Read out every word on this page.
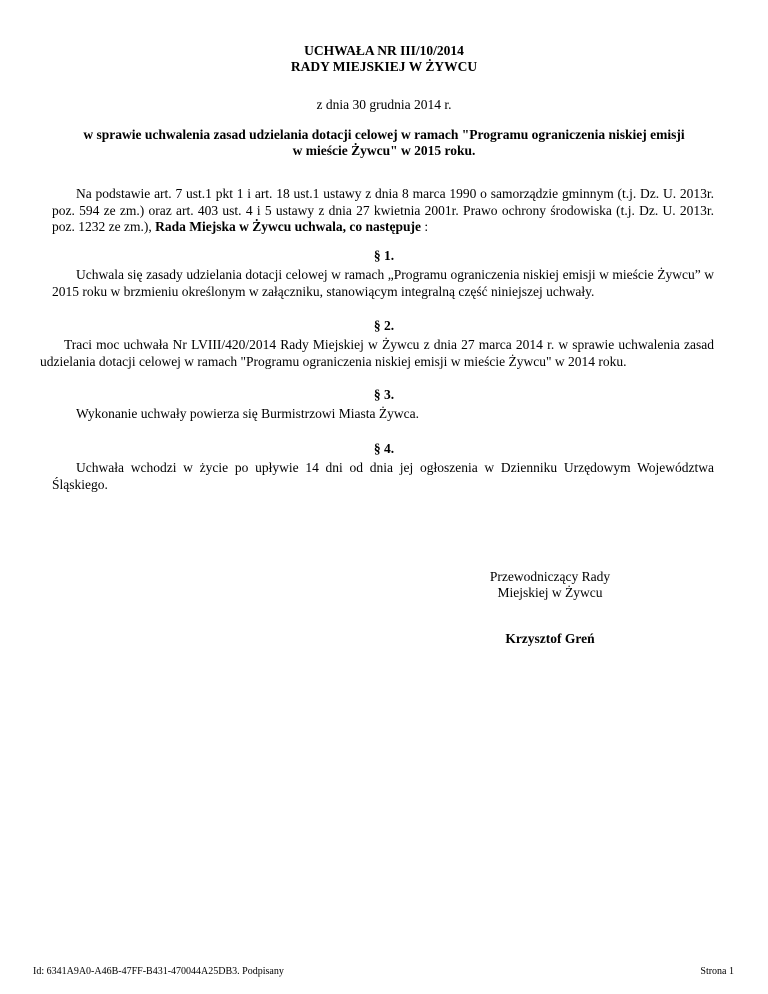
UCHWAŁA NR III/10/2014
RADY MIEJSKIEJ W ŻYWCU
z dnia 30 grudnia 2014 r.
w sprawie uchwalenia zasad udzielania dotacji celowej w ramach "Programu ograniczenia niskiej emisji
w mieście Żywcu" w 2015 roku.
Na podstawie art. 7 ust.1 pkt 1 i art. 18 ust.1 ustawy z dnia 8 marca 1990 o samorządzie gminnym (t.j. Dz. U. 2013r. poz. 594 ze zm.) oraz art. 403 ust. 4 i 5 ustawy z dnia 27 kwietnia 2001r. Prawo ochrony środowiska (t.j. Dz. U. 2013r. poz. 1232 ze zm.), Rada Miejska w Żywcu uchwala, co następuje :
§ 1.
Uchwala się zasady udzielania dotacji celowej w ramach „Programu ograniczenia niskiej emisji w mieście Żywcu” w 2015 roku w brzmieniu określonym w załączniku, stanowiącym integralną część niniejszej uchwały.
§ 2.
Traci moc uchwała Nr LVIII/420/2014 Rady Miejskiej w Żywcu z dnia 27 marca 2014 r. w sprawie uchwalenia zasad udzielania dotacji celowej w ramach "Programu ograniczenia niskiej emisji w mieście Żywcu" w 2014 roku.
§ 3.
Wykonanie uchwały powierza się Burmistrzowi Miasta Żywca.
§ 4.
Uchwała wchodzi w życie po upływie 14 dni od dnia jej ogłoszenia w Dzienniku Urzędowym Województwa Śląskiego.
Przewodniczący Rady
Miejskiej w Żywcu
Krzysztof Greń
Id: 6341A9A0-A46B-47FF-B431-470044A25DB3. Podpisany	Strona 1
